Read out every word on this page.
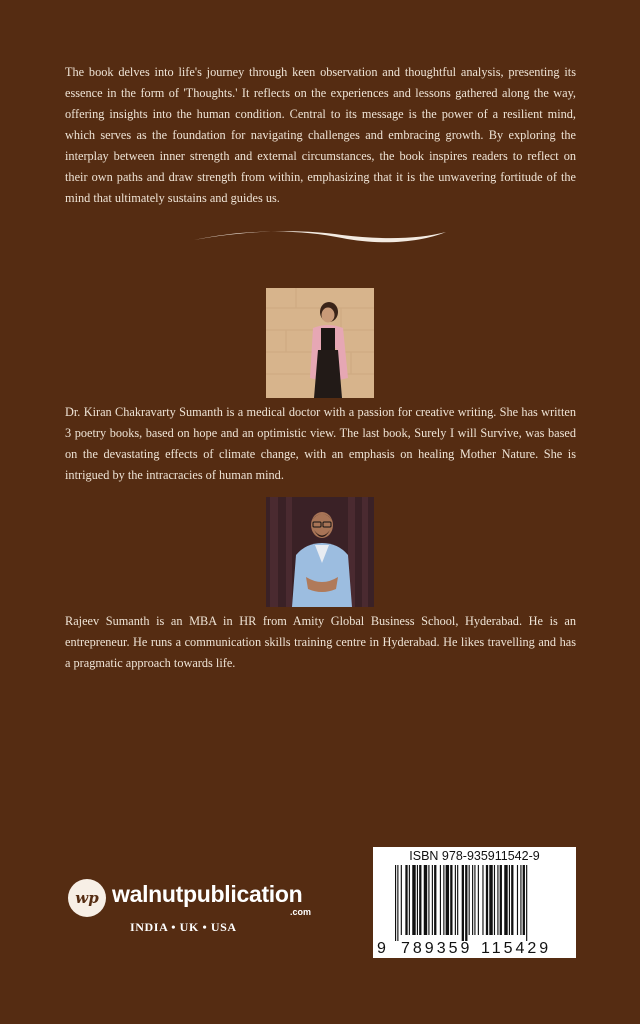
The book delves into life's journey through keen observation and thoughtful analysis, presenting its essence in the form of 'Thoughts.' It reflects on the experiences and lessons gathered along the way, offering insights into the human condition. Central to its message is the power of a resilient mind, which serves as the foundation for navigating challenges and embracing growth. By exploring the interplay between inner strength and external circumstances, the book inspires readers to reflect on their own paths and draw strength from within, emphasizing that it is the unwavering fortitude of the mind that ultimately sustains and guides us.
Dr. Kiran Chakravarty Sumanth is a medical doctor with a passion for creative writing. She has written 3 poetry books, based on hope and an optimistic view. The last book, Surely I will Survive, was based on the devastating effects of climate change, with an emphasis on healing Mother Nature. She is intrigued by the intracracies of human mind.
Rajeev Sumanth is an MBA in HR from Amity Global Business School, Hyderabad. He is an entrepreneur. He runs a communication skills training centre in Hyderabad. He likes travelling and has a pragmatic approach towards life.
wp walnutpublication
.com
INDIA • UK • USA
ISBN 978-935911542-9
9 789359 115429
